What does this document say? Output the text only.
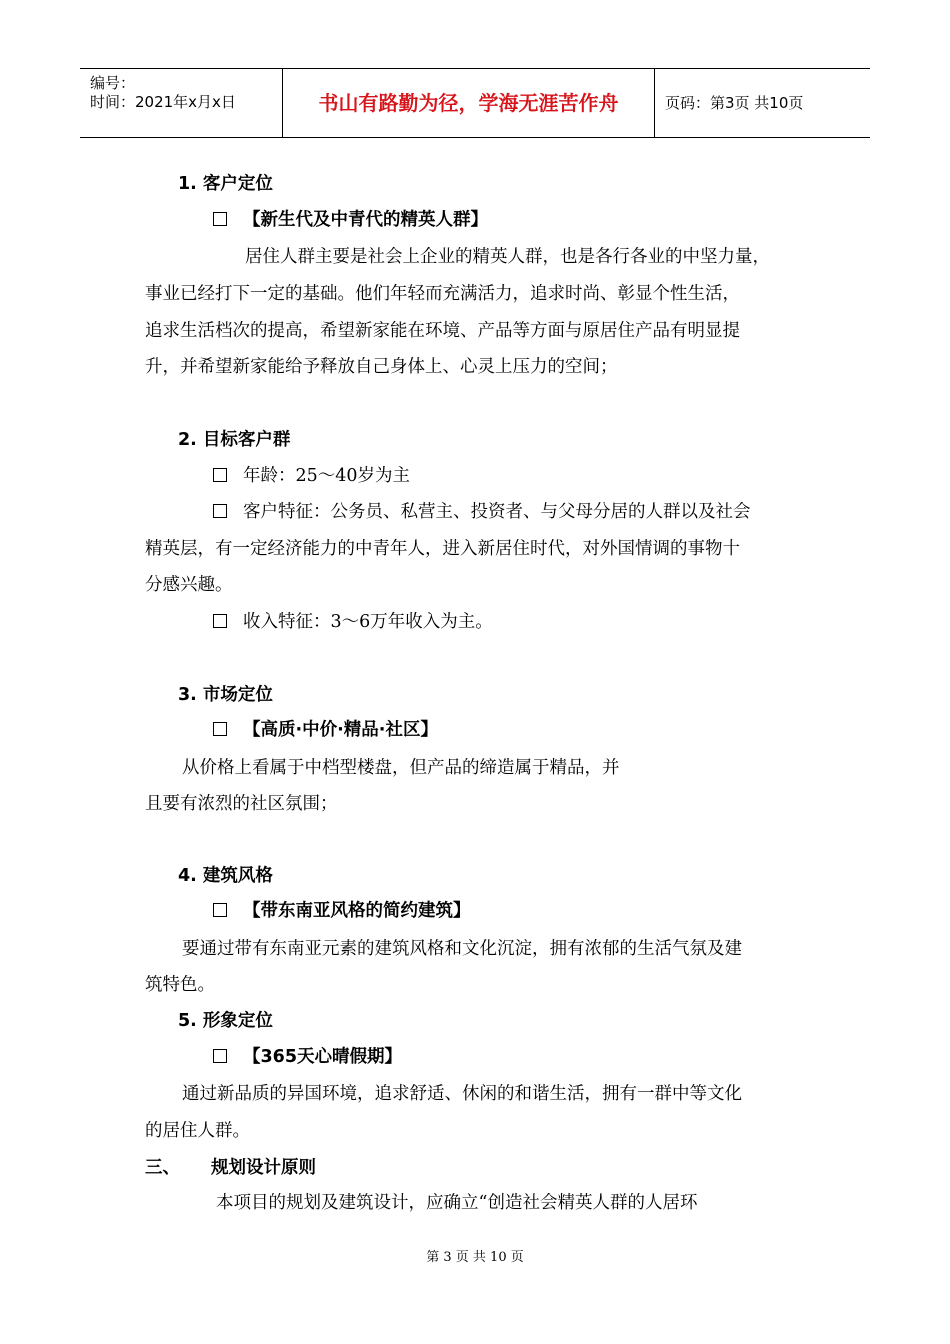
编号：
时间：2021年x月x日	书山有路勤为径，学海无涯苦作舟	页码：第3页 共10页
1. 客户定位
【新生代及中青代的精英人群】
居住人群主要是社会上企业的精英人群，也是各行各业的中坚力量，
事业已经打下一定的基础。他们年轻而充满活力，追求时尚、彰显个性生活，
追求生活档次的提高，希望新家能在环境、产品等方面与原居住产品有明显提
升，并希望新家能给予释放自己身体上、心灵上压力的空间；
2. 目标客户群
年龄：25～40岁为主
客户特征：公务员、私营主、投资者、与父母分居的人群以及社会
精英层，有一定经济能力的中青年人，进入新居住时代，对外国情调的事物十
分感兴趣。
收入特征：3～6万年收入为主。
3. 市场定位
【高质·中价·精品·社区】
从价格上看属于中档型楼盘，但产品的缔造属于精品，并
且要有浓烈的社区氛围；
4. 建筑风格
【带东南亚风格的简约建筑】
要通过带有东南亚元素的建筑风格和文化沉淀，拥有浓郁的生活气氛及建
筑特色。
5. 形象定位
【365天心晴假期】
通过新品质的异国环境，追求舒适、休闲的和谐生活，拥有一群中等文化
的居住人群。
三、 规划设计原则
本项目的规划及建筑设计，应确立“创造社会精英人群的人居环
第 3 页 共 10 页
